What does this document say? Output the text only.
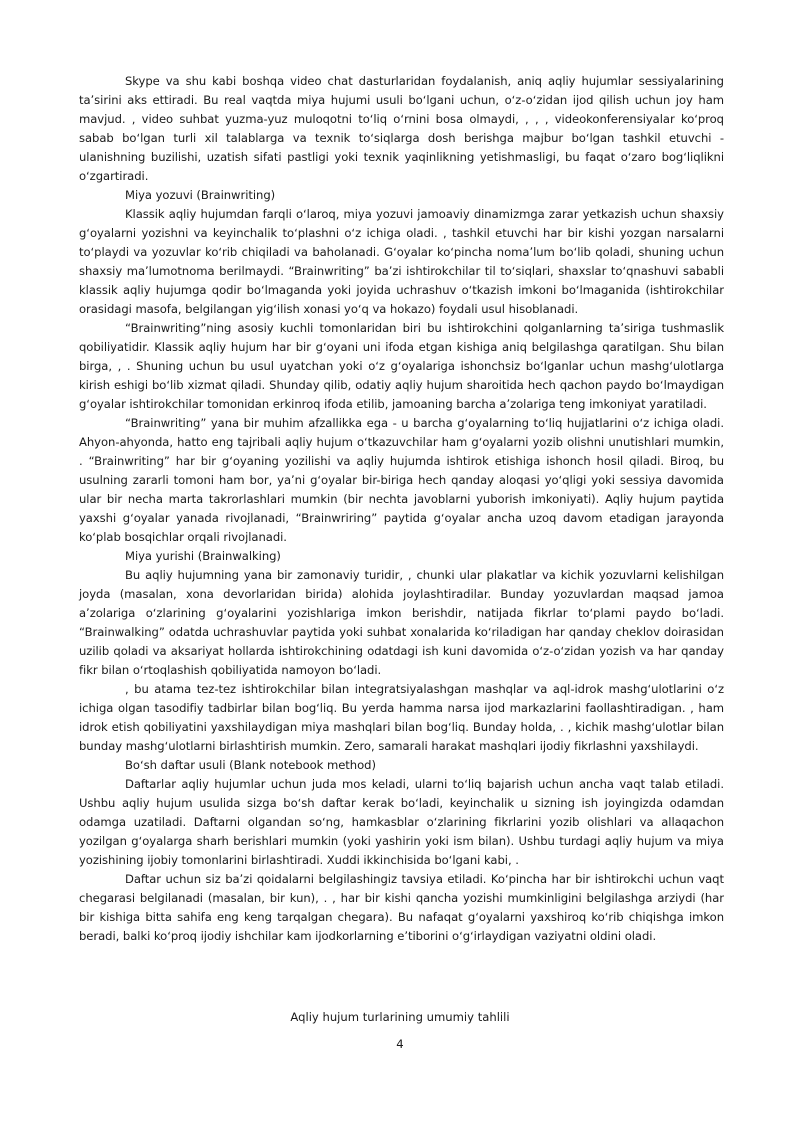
Skype va shu kabi boshqa video chat dasturlaridan foydalanish, aniq aqliy hujumlar sessiyalarining taʼsirini aks ettiradi. Bu real vaqtda miya hujumi usuli boʻlgani uchun, oʻz-oʻzidan ijod qilish uchun joy ham mavjud. , video suhbat yuzma-yuz muloqotni toʻliq oʻrnini bosa olmaydi, , , , videokonferensiyalar koʻproq sabab boʻlgan turli xil talablarga va texnik toʻsiqlarga dosh berishga majbur boʻlgan tashkil etuvchi - ulanishning buzilishi, uzatish sifati pastligi yoki texnik yaqinlikning yetishmasligi, bu faqat oʻzaro bogʻliqlikni oʻzgartiradi.

Miya yozuvi (Brainwriting)

Klassik aqliy hujumdan farqli oʻlaroq, miya yozuvi jamoaviy dinamizmga zarar yetkazish uchun shaxsiy gʻoyalarni yozishni va keyinchalik toʻplashni oʻz ichiga oladi. , tashkil etuvchi har bir kishi yozgan narsalarni toʻplaydi va yozuvlar koʻrib chiqiladi va baholanadi. Gʻoyalar koʻpincha nomaʼlum boʻlib qoladi, shuning uchun shaxsiy maʼlumotnoma berilmaydi. “Brainwriting” baʼzi ishtirokchilar til toʻsiqlari, shaxslar toʻqnashuvi sababli klassik aqliy hujumga qodir boʻlmaganda yoki joyida uchrashuv oʻtkazish imkoni boʻlmaganida (ishtirokchilar orasidagi masofa, belgilangan yigʻilish xonasi yoʻq va hokazo) foydali usul hisoblanadi.

“Brainwriting”ning asosiy kuchli tomonlaridan biri bu ishtirokchini qolganlarning taʼsiriga tushmaslik qobiliyatidir. Klassik aqliy hujum har bir gʻoyani uni ifoda etgan kishiga aniq belgilashga qaratilgan. Shu bilan birga, , . Shuning uchun bu usul uyatchan yoki oʻz gʻoyalariga ishonchsiz boʻlganlar uchun mashgʻulotlarga kirish eshigi boʻlib xizmat qiladi. Shunday qilib, odatiy aqliy hujum sharoitida hech qachon paydo boʻlmaydigan gʻoyalar ishtirokchilar tomonidan erkinroq ifoda etilib, jamoaning barcha aʼzolariga teng imkoniyat yaratiladi.

“Brainwriting” yana bir muhim afzallikka ega - u barcha gʻoyalarning toʻliq hujjatlarini oʻz ichiga oladi. Ahyon-ahyonda, hatto eng tajribali aqliy hujum oʻtkazuvchilar ham gʻoyalarni yozib olishni unutishlari mumkin, . “Brainwriting” har bir gʻoyaning yozilishi va aqliy hujumda ishtirok etishiga ishonch hosil qiladi. Biroq, bu usulning zararli tomoni ham bor, yaʼni gʻoyalar bir-biriga hech qanday aloqasi yoʻqligi yoki sessiya davomida ular bir necha marta takrorlashlari mumkin (bir nechta javoblarni yuborish imkoniyati). Aqliy hujum paytida yaxshi gʻoyalar yanada rivojlanadi, “Brainwriring” paytida gʻoyalar ancha uzoq davom etadigan jarayonda koʻplab bosqichlar orqali rivojlanadi.

Miya yurishi (Brainwalking)

Bu aqliy hujumning yana bir zamonaviy turidir, , chunki ular plakatlar va kichik yozuvlarni kelishilgan joyda (masalan, xona devorlaridan birida) alohida joylashtiradilar. Bunday yozuvlardan maqsad jamoa aʼzolariga oʻzlarining gʻoyalarini yozishlariga imkon berishdir, natijada fikrlar toʻplami paydo boʻladi. “Brainwalking” odatda uchrashuvlar paytida yoki suhbat xonalarida koʻriladigan har qanday cheklov doirasidan uzilib qoladi va aksariyat hollarda ishtirokchining odatdagi ish kuni davomida oʻz-oʻzidan yozish va har qanday fikr bilan oʻrtoqlashish qobiliyatida namoyon boʻladi.

, bu atama tez-tez ishtirokchilar bilan integratsiyalashgan mashqlar va aql-idrok mashgʻulotlarini oʻz ichiga olgan tasodifiy tadbirlar bilan bogʻliq. Bu yerda hamma narsa ijod markazlarini faollashtiradigan. , ham idrok etish qobiliyatini yaxshilaydigan miya mashqlari bilan bogʻliq. Bunday holda, . , kichik mashgʻulotlar bilan bunday mashgʻulotlarni birlashtirish mumkin. Zero, samarali harakat mashqlari ijodiy fikrlashni yaxshilaydi.

Boʻsh daftar usuli (Blank notebook method)

Daftarlar aqliy hujumlar uchun juda mos keladi, ularni toʻliq bajarish uchun ancha vaqt talab etiladi. Ushbu aqliy hujum usulida sizga boʻsh daftar kerak boʻladi, keyinchalik u sizning ish joyingizda odamdan odamga uzatiladi. Daftarni olgandan soʻng, hamkasblar oʻzlarining fikrlarini yozib olishlari va allaqachon yozilgan gʻoyalarga sharh berishlari mumkin (yoki yashirin yoki ism bilan). Ushbu turdagi aqliy hujum va miya yozishining ijobiy tomonlarini birlashtiradi. Xuddi ikkinchisida boʻlgani kabi, .

Daftar uchun siz baʼzi qoidalarni belgilashingiz tavsiya etiladi. Koʻpincha har bir ishtirokchi uchun vaqt chegarasi belgilanadi (masalan, bir kun), . , har bir kishi qancha yozishi mumkinligini belgilashga arziydi (har bir kishiga bitta sahifa eng keng tarqalgan chegara). Bu nafaqat gʻoyalarni yaxshiroq koʻrib chiqishga imkon beradi, balki koʻproq ijodiy ishchilar kam ijodkorlarning eʼtiborini oʻgʻirlaydigan vaziyatni oldini oladi.

Aqliy hujum turlarining umumiy tahlili
4
